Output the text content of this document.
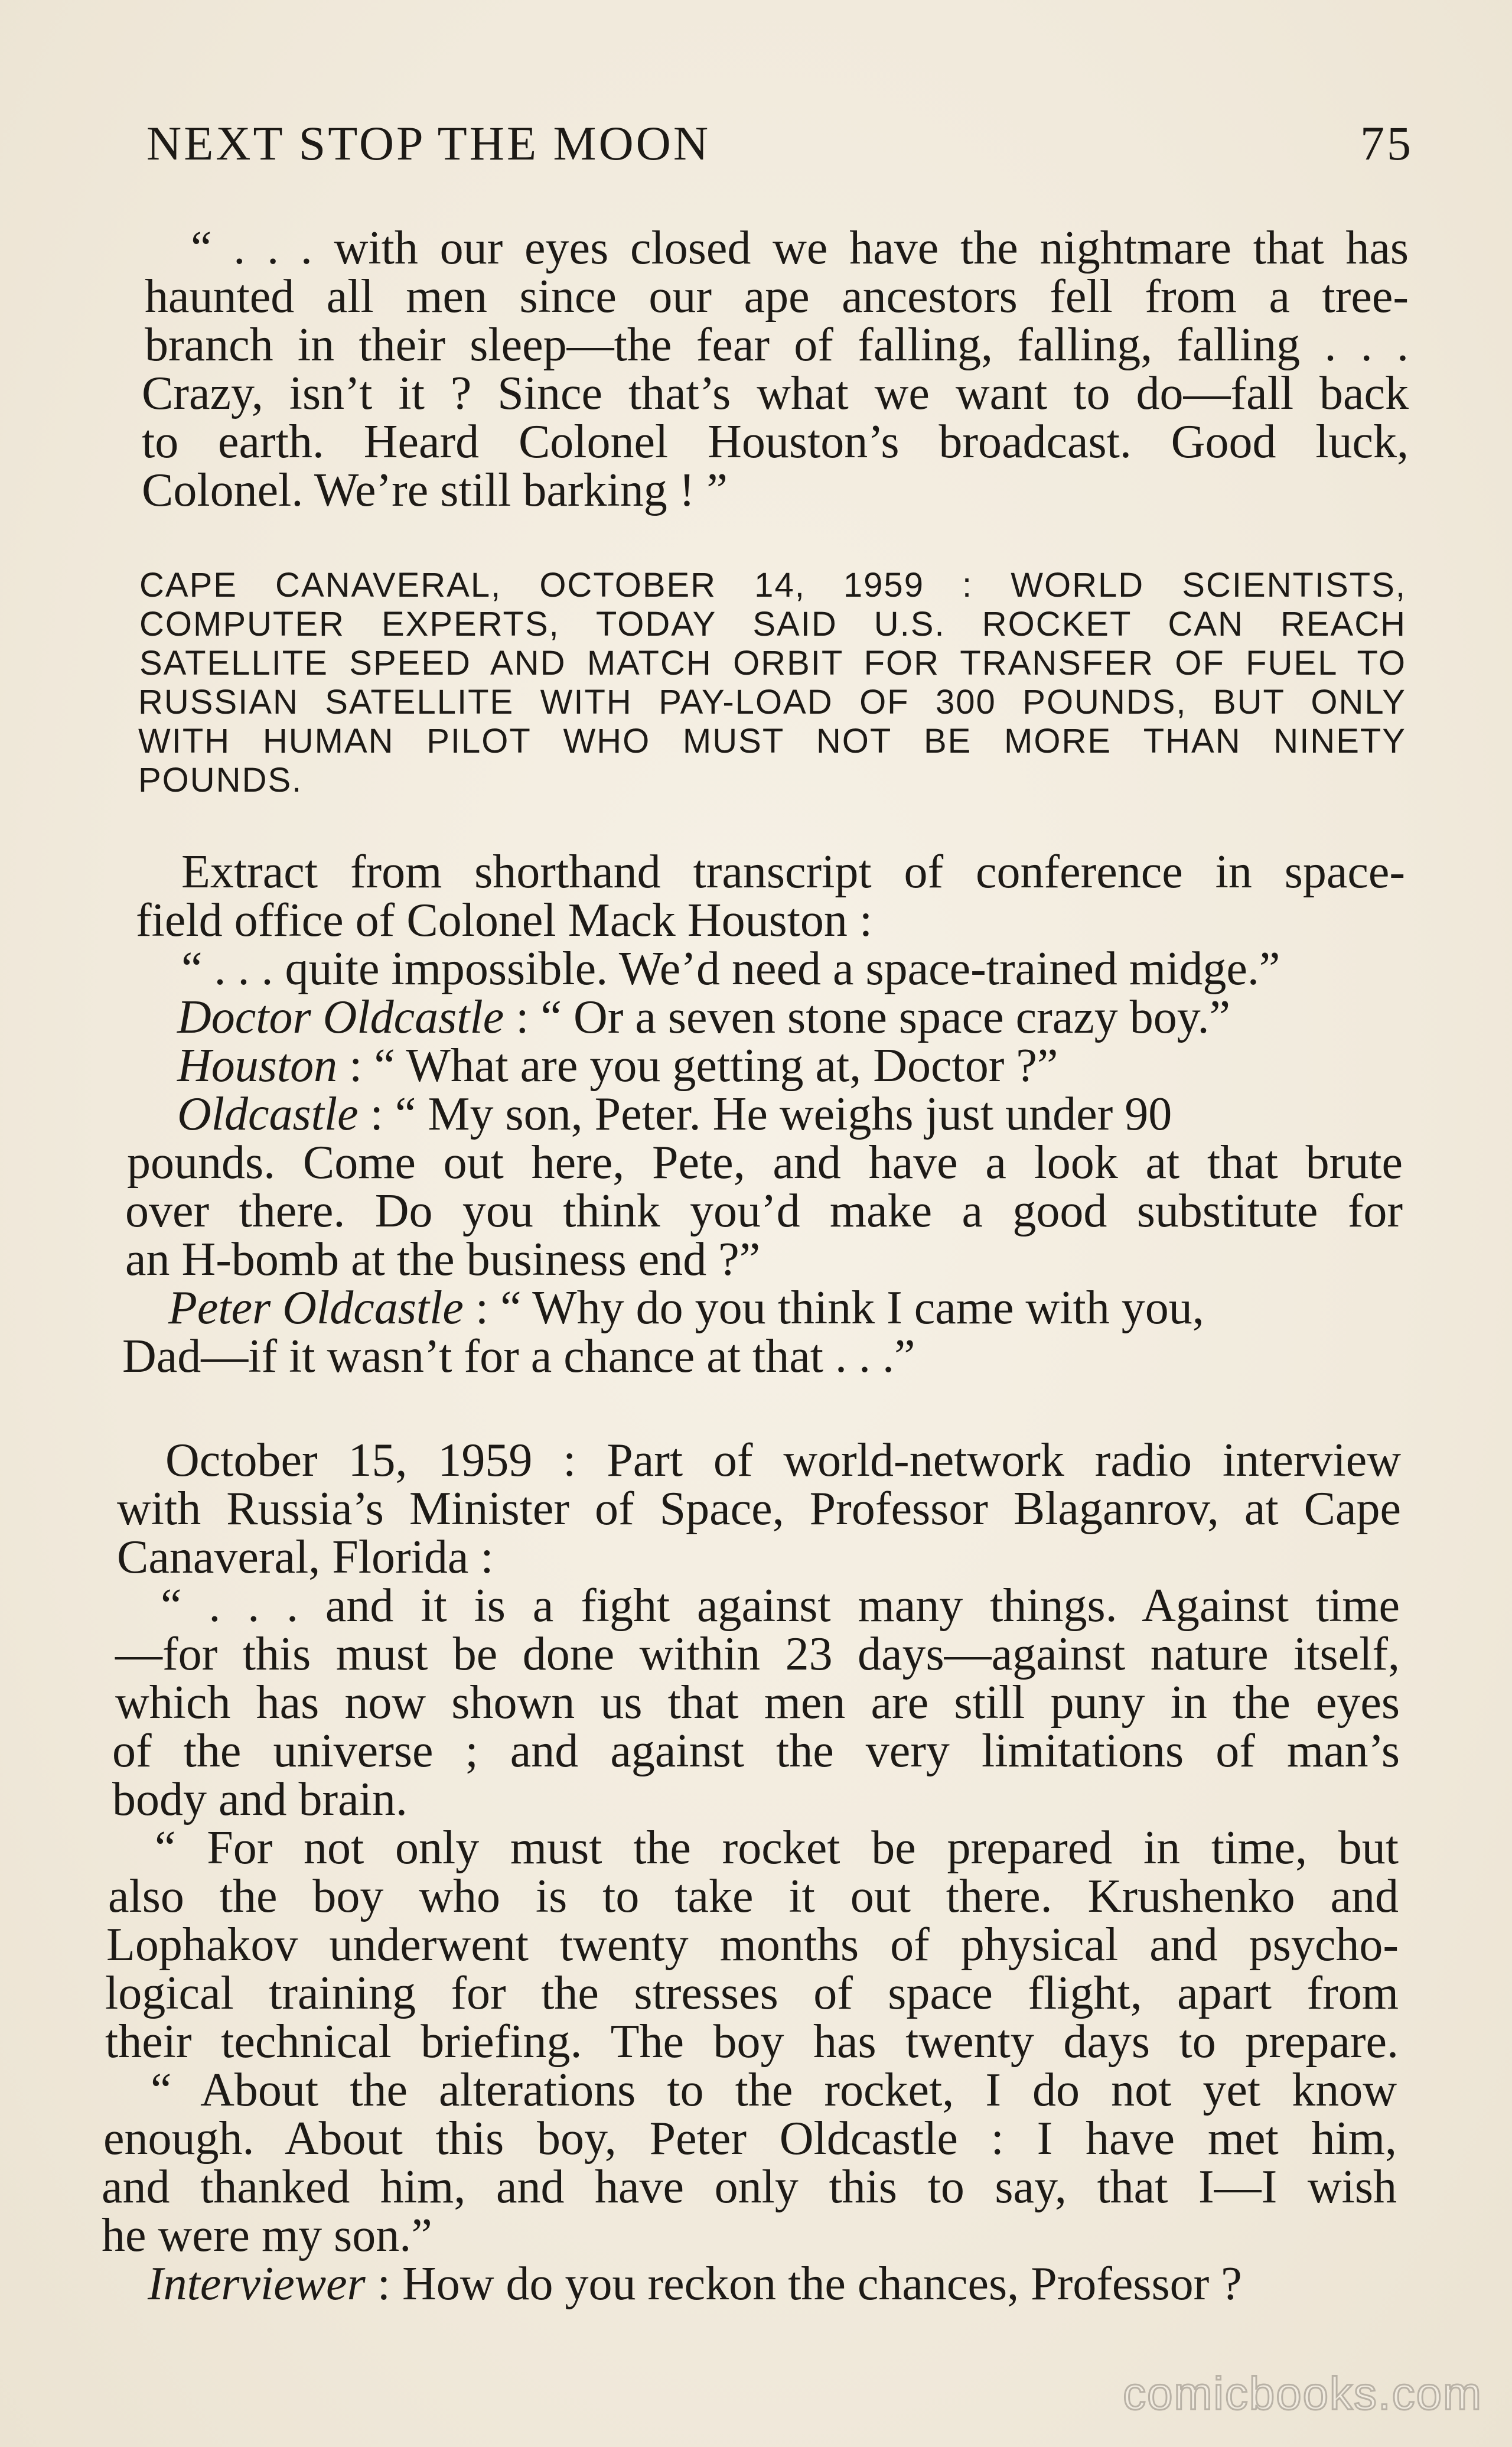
NEXT STOP THE MOON	75
“ . . . with our eyes closed we have the nightmare that has
haunted all men since our ape ancestors fell from a tree-
branch in their sleep—the fear of falling, falling, falling . . .
Crazy, isn’t it ? Since that’s what we want to do—fall back
to earth. Heard Colonel Houston’s broadcast. Good luck,
Colonel. We’re still barking ! ”
CAPE CANAVERAL, OCTOBER 14, 1959 : WORLD SCIENTISTS,
COMPUTER EXPERTS, TODAY SAID U.S. ROCKET CAN REACH
SATELLITE SPEED AND MATCH ORBIT FOR TRANSFER OF FUEL TO
RUSSIAN SATELLITE WITH PAY-LOAD OF 300 POUNDS, BUT ONLY
WITH HUMAN PILOT WHO MUST NOT BE MORE THAN NINETY
POUNDS.
Extract from shorthand transcript of conference in space-
field office of Colonel Mack Houston :
“ . . . quite impossible. We’d need a space-trained midge.”
Doctor Oldcastle : “ Or a seven stone space crazy boy.”
Houston : “ What are you getting at, Doctor ?”
Oldcastle : “ My son, Peter. He weighs just under 90
pounds. Come out here, Pete, and have a look at that brute
over there. Do you think you’d make a good substitute for
an H-bomb at the business end ?”
Peter Oldcastle : “ Why do you think I came with you,
Dad—if it wasn’t for a chance at that . . .”
October 15, 1959 : Part of world-network radio interview
with Russia’s Minister of Space, Professor Blaganrov, at Cape
Canaveral, Florida :
“ . . . and it is a fight against many things. Against time
—for this must be done within 23 days—against nature itself,
which has now shown us that men are still puny in the eyes
of the universe ; and against the very limitations of man’s
body and brain.
“ For not only must the rocket be prepared in time, but
also the boy who is to take it out there. Krushenko and
Lophakov underwent twenty months of physical and psycho-
logical training for the stresses of space flight, apart from
their technical briefing. The boy has twenty days to prepare.
“ About the alterations to the rocket, I do not yet know
enough. About this boy, Peter Oldcastle : I have met him,
and thanked him, and have only this to say, that I—I wish
he were my son.”
Interviewer : How do you reckon the chances, Professor ?
comicbooks.com
